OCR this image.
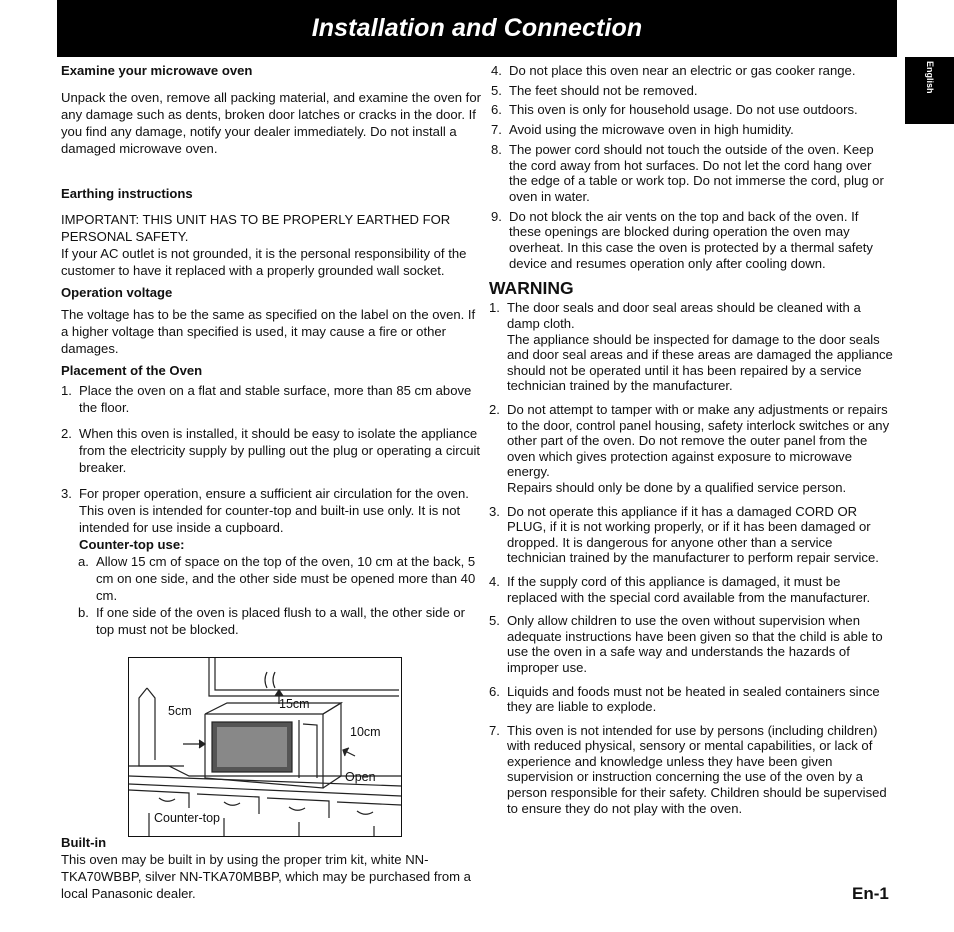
Installation and Connection
English

Examine your microwave oven

Unpack the oven, remove all packing material, and examine the oven for any damage such as dents, broken door latches or cracks in the door. If you find any damage, notify your dealer immediately. Do not install a damaged microwave oven.

Earthing instructions

IMPORTANT: THIS UNIT HAS TO BE PROPERLY EARTHED FOR PERSONAL SAFETY.

If your AC outlet is not grounded, it is the personal responsibility of the customer to have it replaced with a properly grounded wall socket.

Operation voltage

The voltage has to be the same as specified on the label on the oven. If a higher voltage than specified is used, it may cause a fire or other damages.

Placement of the Oven

1. Place the oven on a flat and stable surface, more than 85 cm above the floor.
2. When this oven is installed, it should be easy to isolate the appliance from the electricity supply by pulling out the plug or operating a circuit breaker.
3. For proper operation, ensure a sufficient air circulation for the oven. This oven is intended for counter-top and built-in use only. It is not intended for use inside a cupboard.
Counter-top use:
a. Allow 15 cm of space on the top of the oven, 10 cm at the back, 5 cm on one side, and the other side must be opened more than 40 cm.
b. If one side of the oven is placed flush to a wall, the other side or top must not be blocked.
5cm	15cm
10cm
Open
Counter-top

Built-in

This oven may be built in by using the proper trim kit, white NN-TKA70WBBP, silver NN-TKA70MBBP, which may be purchased from a local Panasonic dealer.

4. Do not place this oven near an electric or gas cooker range.
5. The feet should not be removed.
6. This oven is only for household usage. Do not use outdoors.
7. Avoid using the microwave oven in high humidity.
8. The power cord should not touch the outside of the oven. Keep the cord away from hot surfaces. Do not let the cord hang over the edge of a table or work top. Do not immerse the cord, plug or oven in water.
9. Do not block the air vents on the top and back of the oven. If these openings are blocked during operation the oven may overheat. In this case the oven is protected by a thermal safety device and resumes operation only after cooling down.

WARNING

1. The door seals and door seal areas should be cleaned with a damp cloth.
The appliance should be inspected for damage to the door seals and door seal areas and if these areas are damaged the appliance should not be operated until it has been repaired by a service technician trained by the manufacturer.
2. Do not attempt to tamper with or make any adjustments or repairs to the door, control panel housing, safety interlock switches or any other part of the oven. Do not remove the outer panel from the oven which gives protection against exposure to microwave energy.
Repairs should only be done by a qualified service person.
3. Do not operate this appliance if it has a damaged CORD OR PLUG, if it is not working properly, or if it has been damaged or dropped. It is dangerous for anyone other than a service technician trained by the manufacturer to perform repair service.
4. If the supply cord of this appliance is damaged, it must be replaced with the special cord available from the manufacturer.
5. Only allow children to use the oven without supervision when adequate instructions have been given so that the child is able to use the oven in a safe way and understands the hazards of improper use.
6. Liquids and foods must not be heated in sealed containers since they are liable to explode.
7. This oven is not intended for use by persons (including children) with reduced physical, sensory or mental capabilities, or lack of experience and knowledge unless they have been given supervision or instruction concerning the use of the oven by a person responsible for their safety. Children should be supervised to ensure they do not play with the oven.
En-1
